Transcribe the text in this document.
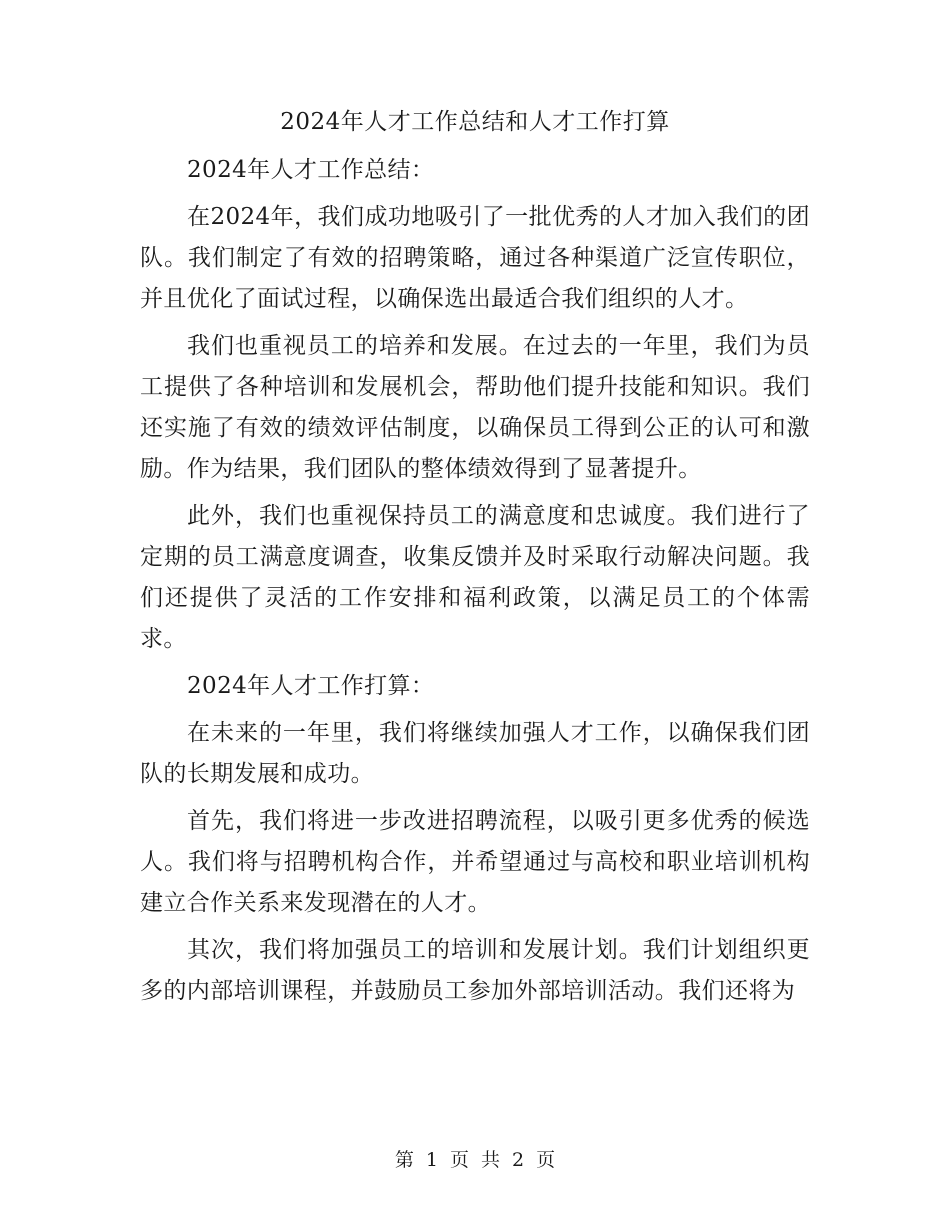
2024年人才工作总结和人才工作打算

2024年人才工作总结：

在2024年，我们成功地吸引了一批优秀的人才加入我们的团队。我们制定了有效的招聘策略，通过各种渠道广泛宣传职位，并且优化了面试过程，以确保选出最适合我们组织的人才。

我们也重视员工的培养和发展。在过去的一年里，我们为员工提供了各种培训和发展机会，帮助他们提升技能和知识。我们还实施了有效的绩效评估制度，以确保员工得到公正的认可和激励。作为结果，我们团队的整体绩效得到了显著提升。

此外，我们也重视保持员工的满意度和忠诚度。我们进行了定期的员工满意度调查，收集反馈并及时采取行动解决问题。我们还提供了灵活的工作安排和福利政策，以满足员工的个体需求。

2024年人才工作打算：

在未来的一年里，我们将继续加强人才工作，以确保我们团队的长期发展和成功。

首先，我们将进一步改进招聘流程，以吸引更多优秀的候选人。我们将与招聘机构合作，并希望通过与高校和职业培训机构建立合作关系来发现潜在的人才。

其次，我们将加强员工的培训和发展计划。我们计划组织更多的内部培训课程，并鼓励员工参加外部培训活动。我们还将为

第 1 页 共 2 页
